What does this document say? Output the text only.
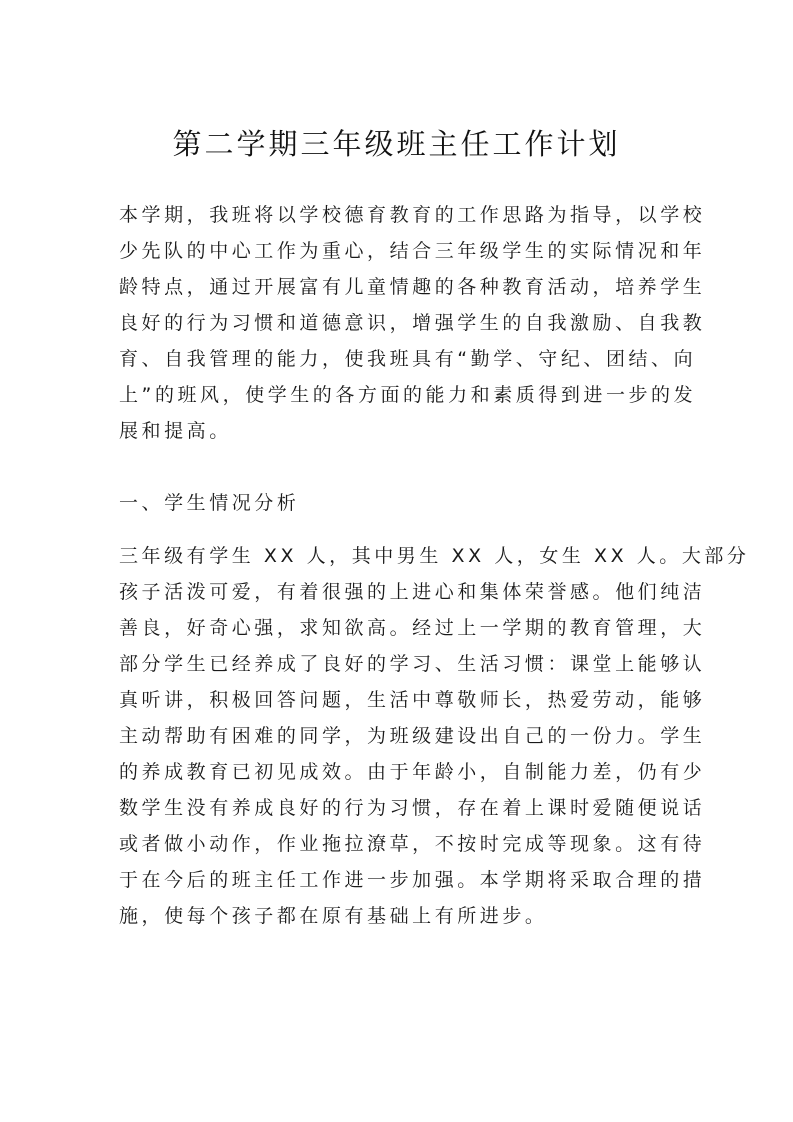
第二学期三年级班主任工作计划
本学期，我班将以学校德育教育的工作思路为指导，以学校
少先队的中心工作为重心，结合三年级学生的实际情况和年
龄特点，通过开展富有儿童情趣的各种教育活动，培养学生
良好的行为习惯和道德意识，增强学生的自我激励、自我教
育、自我管理的能力，使我班具有“勤学、守纪、团结、向
上”的班风，使学生的各方面的能力和素质得到进一步的发
展和提高。
一、学生情况分析
三年级有学生 XX 人，其中男生 XX 人，女生 XX 人。大部分
孩子活泼可爱，有着很强的上进心和集体荣誉感。他们纯洁
善良，好奇心强，求知欲高。经过上一学期的教育管理，大
部分学生已经养成了良好的学习、生活习惯：课堂上能够认
真听讲，积极回答问题，生活中尊敬师长，热爱劳动，能够
主动帮助有困难的同学，为班级建设出自己的一份力。学生
的养成教育已初见成效。由于年龄小，自制能力差，仍有少
数学生没有养成良好的行为习惯，存在着上课时爱随便说话
或者做小动作，作业拖拉潦草，不按时完成等现象。这有待
于在今后的班主任工作进一步加强。本学期将采取合理的措
施，使每个孩子都在原有基础上有所进步。
